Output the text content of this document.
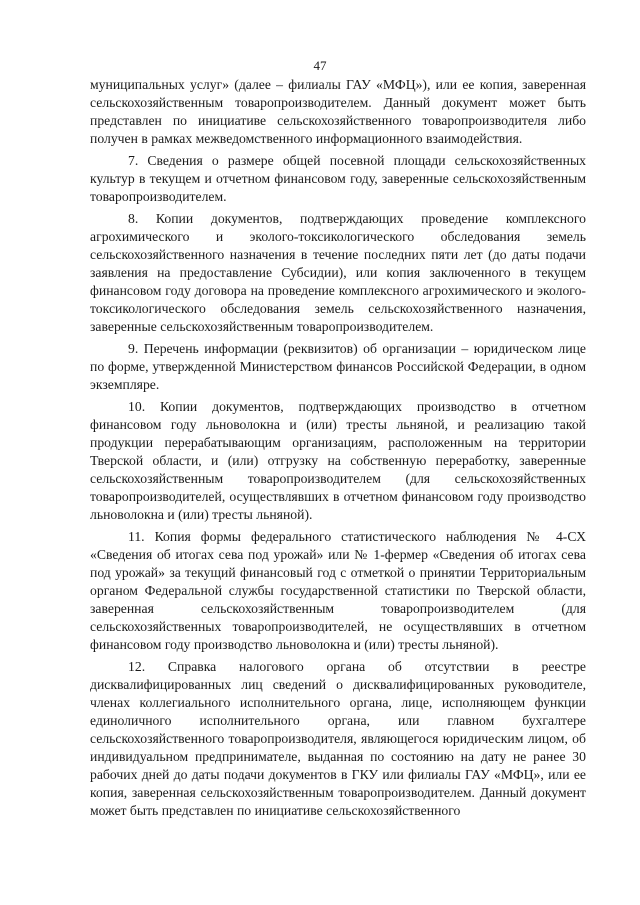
47

муниципальных услуг» (далее – филиалы ГАУ «МФЦ»), или ее копия, заверенная сельскохозяйственным товаропроизводителем. Данный документ может быть представлен по инициативе сельскохозяйственного товаропроизводителя либо получен в рамках межведомственного информационного взаимодействия.

7. Сведения о размере общей посевной площади сельскохозяйственных культур в текущем и отчетном финансовом году, заверенные сельскохозяйственным товаропроизводителем.

8. Копии документов, подтверждающих проведение комплексного агрохимического и эколого-токсикологического обследования земель сельскохозяйственного назначения в течение последних пяти лет (до даты подачи заявления на предоставление Субсидии), или копия заключенного в текущем финансовом году договора на проведение комплексного агрохимического и эколого-токсикологического обследования земель сельскохозяйственного назначения, заверенные сельскохозяйственным товаропроизводителем.

9. Перечень информации (реквизитов) об организации – юридическом лице по форме, утвержденной Министерством финансов Российской Федерации, в одном экземпляре.

10. Копии документов, подтверждающих производство в отчетном финансовом году льноволокна и (или) тресты льняной, и реализацию такой продукции перерабатывающим организациям, расположенным на территории Тверской области, и (или) отгрузку на собственную переработку, заверенные сельскохозяйственным товаропроизводителем (для сельскохозяйственных товаропроизводителей, осуществлявших в отчетном финансовом году производство льноволокна и (или) тресты льняной).

11. Копия формы федерального статистического наблюдения № 4-СХ «Сведения об итогах сева под урожай» или № 1-фермер «Сведения об итогах сева под урожай» за текущий финансовый год с отметкой о принятии Территориальным органом Федеральной службы государственной статистики по Тверской области, заверенная сельскохозяйственным товаропроизводителем (для сельскохозяйственных товаропроизводителей, не осуществлявших в отчетном финансовом году производство льноволокна и (или) тресты льняной).

12. Справка налогового органа об отсутствии в реестре дисквалифицированных лиц сведений о дисквалифицированных руководителе, членах коллегиального исполнительного органа, лице, исполняющем функции единоличного исполнительного органа, или главном бухгалтере сельскохозяйственного товаропроизводителя, являющегося юридическим лицом, об индивидуальном предпринимателе, выданная по состоянию на дату не ранее 30 рабочих дней до даты подачи документов в ГКУ или филиалы ГАУ «МФЦ», или ее копия, заверенная сельскохозяйственным товаропроизводителем. Данный документ может быть представлен по инициативе сельскохозяйственного
